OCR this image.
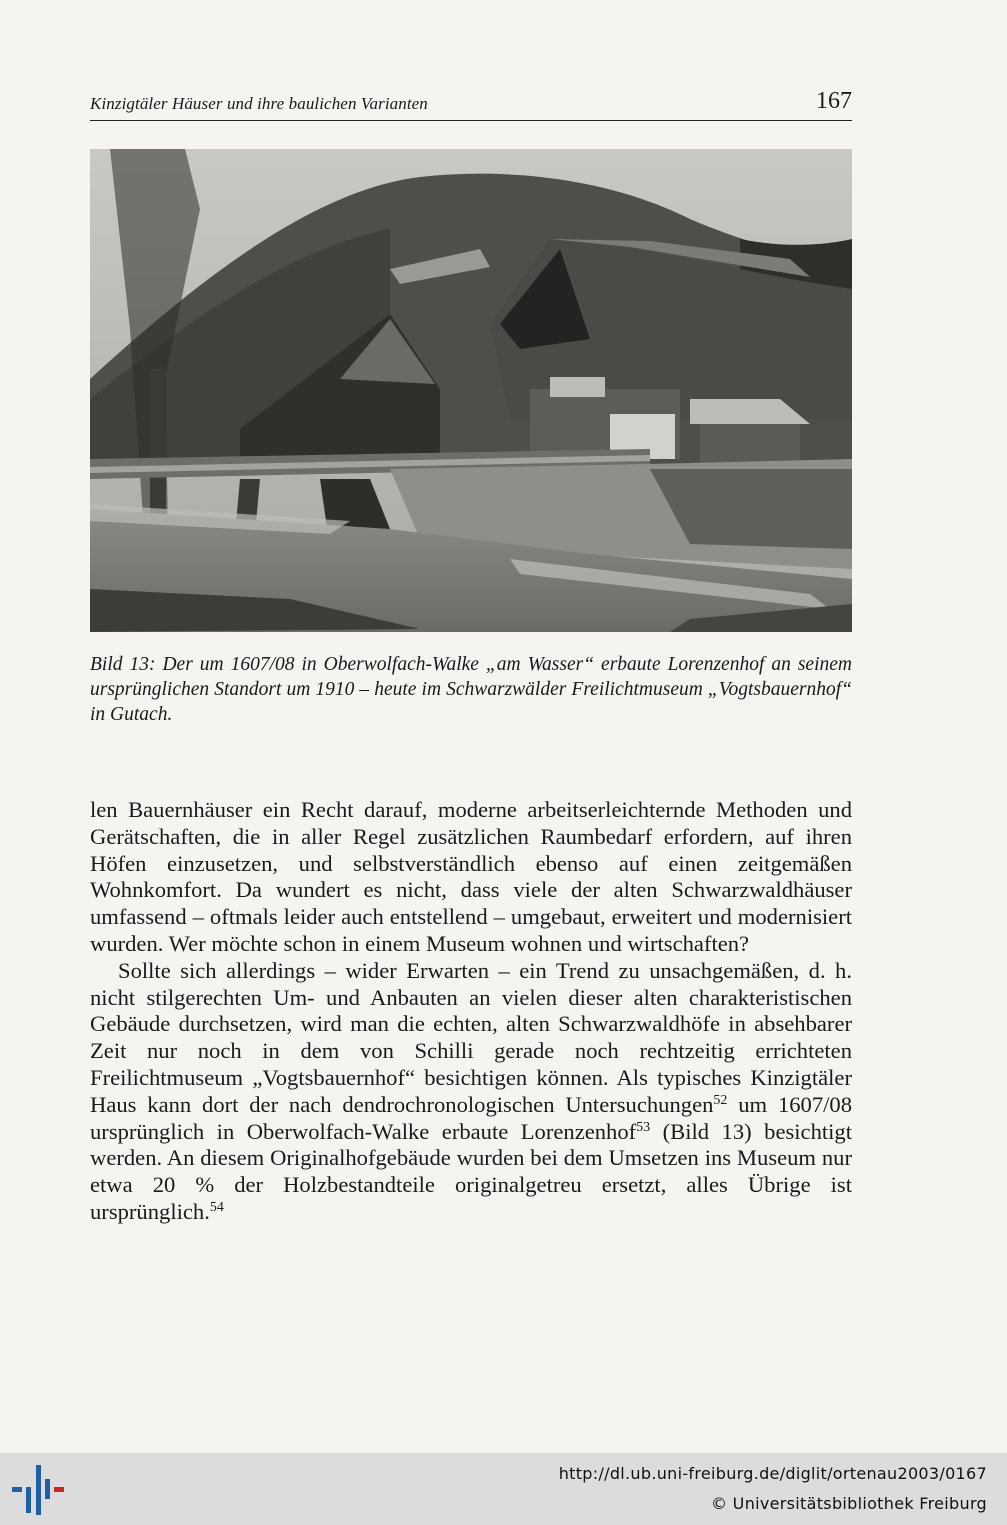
Kinzigtäler Häuser und ihre baulichen Varianten	167
Bild 13: Der um 1607/08 in Oberwolfach-Walke „am Wasser“ erbaute Lorenzenhof an seinem ursprünglichen Standort um 1910 – heute im Schwarzwälder Freilichtmuseum „Vogtsbauernhof“ in Gutach.

len Bauernhäuser ein Recht darauf, moderne arbeitserleichternde Methoden und Gerätschaften, die in aller Regel zusätzlichen Raumbedarf erfordern, auf ihren Höfen einzusetzen, und selbstverständlich ebenso auf einen zeitgemäßen Wohnkomfort. Da wundert es nicht, dass viele der alten Schwarzwaldhäuser umfassend – oftmals leider auch entstellend – umgebaut, erweitert und modernisiert wurden. Wer möchte schon in einem Museum wohnen und wirtschaften?

Sollte sich allerdings – wider Erwarten – ein Trend zu unsachgemäßen, d. h. nicht stilgerechten Um- und Anbauten an vielen dieser alten charakteristischen Gebäude durchsetzen, wird man die echten, alten Schwarzwaldhöfe in absehbarer Zeit nur noch in dem von Schilli gerade noch rechtzeitig errichteten Freilichtmuseum „Vogtsbauernhof“ besichtigen können. Als typisches Kinzigtäler Haus kann dort der nach dendrochronologischen Untersuchungen$^{52}$ um 1607/08 ursprünglich in Oberwolfach-Walke erbaute Lorenzenhof$^{53}$ (Bild 13) besichtigt werden. An diesem Originalhofgebäude wurden bei dem Umsetzen ins Museum nur etwa 20 % der Holzbestandteile originalgetreu ersetzt, alles Übrige ist ursprünglich.$^{54}$

http://dl.ub.uni-freiburg.de/diglit/ortenau2003/0167
© Universitätsbibliothek Freiburg
